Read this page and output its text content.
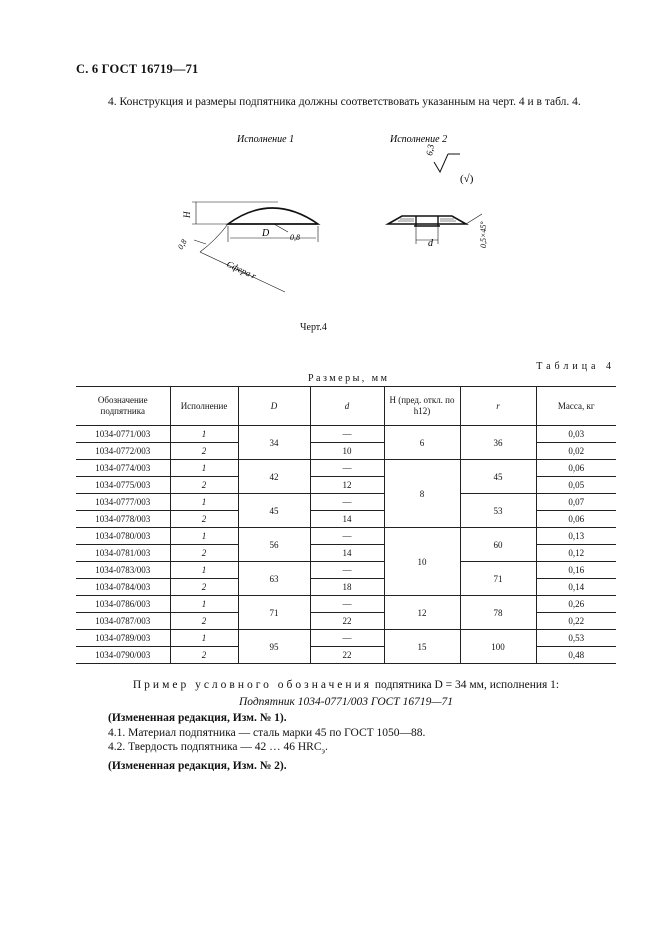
С. 6 ГОСТ 16719—71
4. Конструкция и размеры подпятника должны соответствовать указанным на черт. 4 и в табл. 4.
Исполнение 1	Исполнение 2
H
D	0,8
0,8
Сфера r
d
6,3
(√)
0,5×45°
Черт.4
Таблица 4
Размеры, мм
Обозначение подпятника	Исполнение	D	d	H (пред. откл. по h12)	r	Масса, кг
1034-0771/003	1	34	—	6	36	0,03
1034-0772/003	2		10			0,02
1034-0774/003	1	42	—	8	45	0,06
1034-0775/003	2		12			0,05
1034-0777/003	1	45	—		53	0,07
1034-0778/003	2		14			0,06
1034-0780/003	1	56	—	10	60	0,13
1034-0781/003	2		14			0,12
1034-0783/003	1	63	—		71	0,16
1034-0784/003	2		18			0,14
1034-0786/003	1	71	—	12	78	0,26
1034-0787/003	2		22			0,22
1034-0789/003	1	95	—	15	100	0,53
1034-0790/003	2		22			0,48
Пример условного обозначения подпятника D = 34 мм, исполнения 1:
Подпятник 1034-0771/003 ГОСТ 16719—71
(Измененная редакция, Изм. № 1).
4.1. Материал подпятника — сталь марки 45 по ГОСТ 1050—88.
4.2. Твердость подпятника — 42 … 46 $HRC_э$.
(Измененная редакция, Изм. № 2).
